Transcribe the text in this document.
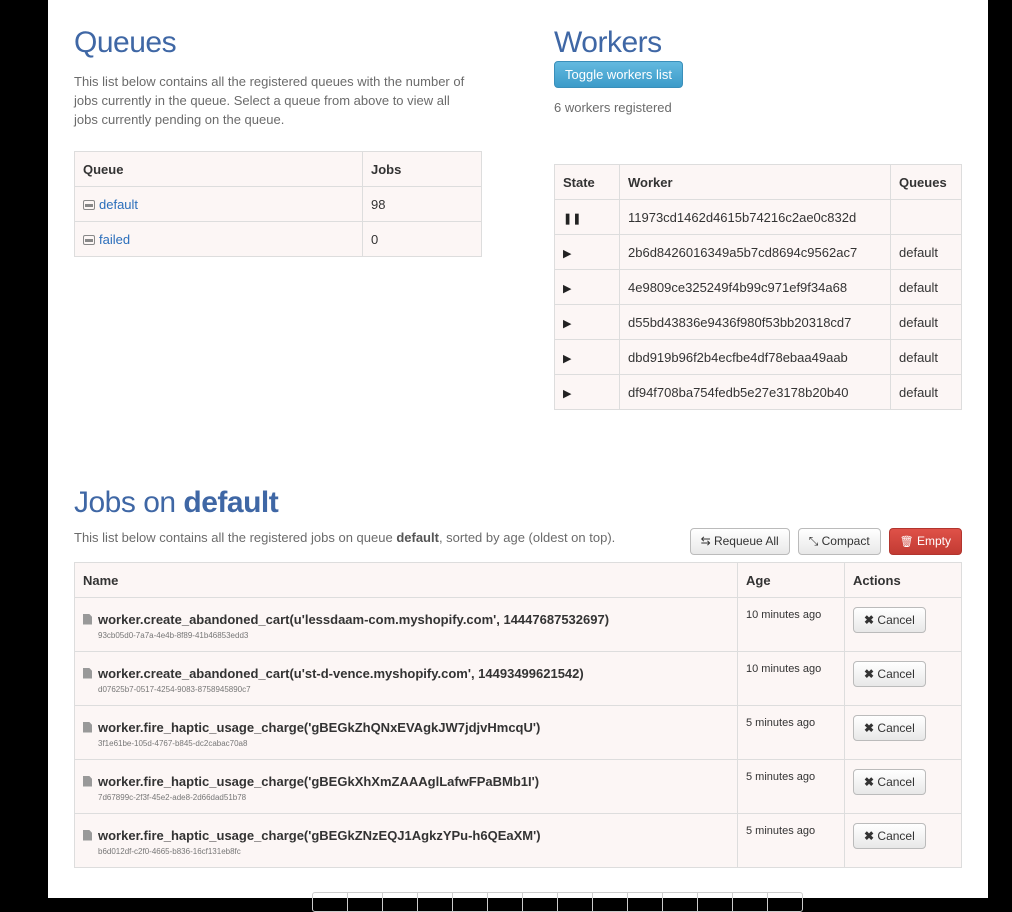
Queues

This list below contains all the registered queues with the number of jobs currently in the queue. Select a queue from above to view all jobs currently pending on the queue.

Queue	Jobs
default	98
failed	0
Workers
Toggle workers list

6 workers registered

State	Worker	Queues
❚❚	11973cd1462d4615b74216c2ae0c832d	
▶	2b6d8426016349a5b7cd8694c9562ac7	default
▶	4e9809ce325249f4b99c971ef9f34a68	default
▶	d55bd43836e9436f980f53bb20318cd7	default
▶	dbd919b96f2b4ecfbe4df78ebaa49aab	default
▶	df94f708ba754fedb5e27e3178b20b40	default
Jobs on default

This list below contains all the registered jobs on queue default, sorted by age (oldest on top).	⇆ Requeue All	⤡ Compact	🗑 Empty
Name	Age	Actions
worker.create_abandoned_cart(u'lessdaam-com.myshopify.com', 14447687532697)
93cb05d0-7a7a-4e4b-8f89-41b46853edd3	10 minutes ago	✖ Cancel
worker.create_abandoned_cart(u'st-d-vence.myshopify.com', 14493499621542)
d07625b7-0517-4254-9083-8758945890c7	10 minutes ago	✖ Cancel
worker.fire_haptic_usage_charge('gBEGkZhQNxEVAgkJW7jdjvHmcqU')
3f1e61be-105d-4767-b845-dc2cabac70a8	5 minutes ago	✖ Cancel
worker.fire_haptic_usage_charge('gBEGkXhXmZAAAglLafwFPaBMb1I')
7d67899c-2f3f-45e2-ade8-2d66dad51b78	5 minutes ago	✖ Cancel
worker.fire_haptic_usage_charge('gBEGkZNzEQJ1AgkzYPu-h6QEaXM')
b6d012df-c2f0-4665-b836-16cf131eb8fc	5 minutes ago	✖ Cancel
